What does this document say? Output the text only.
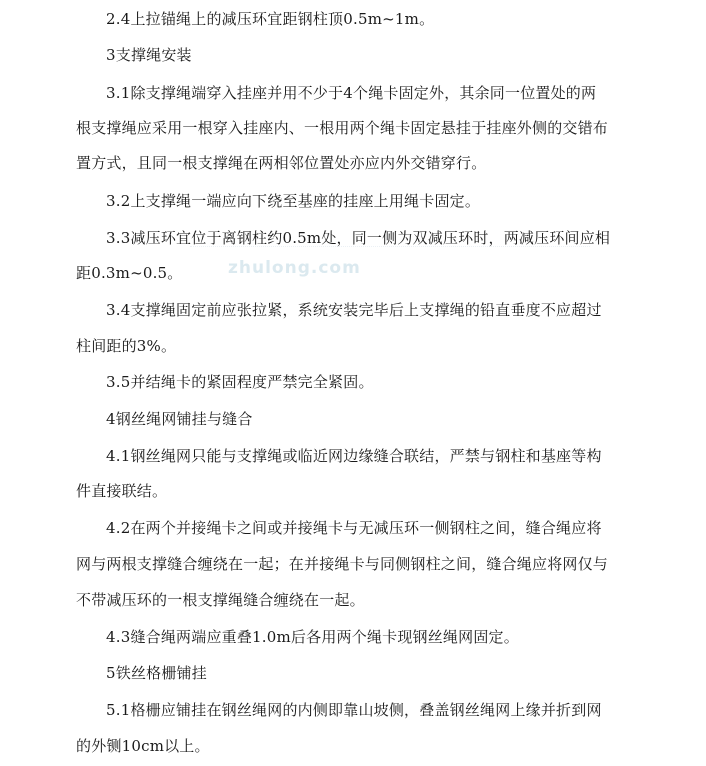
zhulong.com
2.4上拉锚绳上的减压环宜距钢柱顶0.5m~1m。
3支撑绳安装
3.1除支撑绳端穿入挂座并用不少于4个绳卡固定外，其余同一位置处的两
根支撑绳应采用一根穿入挂座内、一根用两个绳卡固定悬挂于挂座外侧的交错布
置方式，且同一根支撑绳在两相邻位置处亦应内外交错穿行。
3.2上支撑绳一端应向下绕至基座的挂座上用绳卡固定。
3.3减压环宜位于离钢柱约0.5m处，同一侧为双减压环时，两减压环间应相
距0.3m~0.5。
3.4支撑绳固定前应张拉紧，系统安装完毕后上支撑绳的铅直垂度不应超过
柱间距的3%。
3.5并结绳卡的紧固程度严禁完全紧固。
4钢丝绳网铺挂与缝合
4.1钢丝绳网只能与支撑绳或临近网边缘缝合联结，严禁与钢柱和基座等构
件直接联结。
4.2在两个并接绳卡之间或并接绳卡与无减压环一侧钢柱之间，缝合绳应将
网与两根支撑缝合缠绕在一起；在并接绳卡与同侧钢柱之间，缝合绳应将网仅与
不带减压环的一根支撑绳缝合缠绕在一起。
4.3缝合绳两端应重叠1.0m后各用两个绳卡现钢丝绳网固定。
5铁丝格栅铺挂
5.1格栅应铺挂在钢丝绳网的内侧即靠山坡侧，叠盖钢丝绳网上缘并折到网
的外铡10cm以上。
